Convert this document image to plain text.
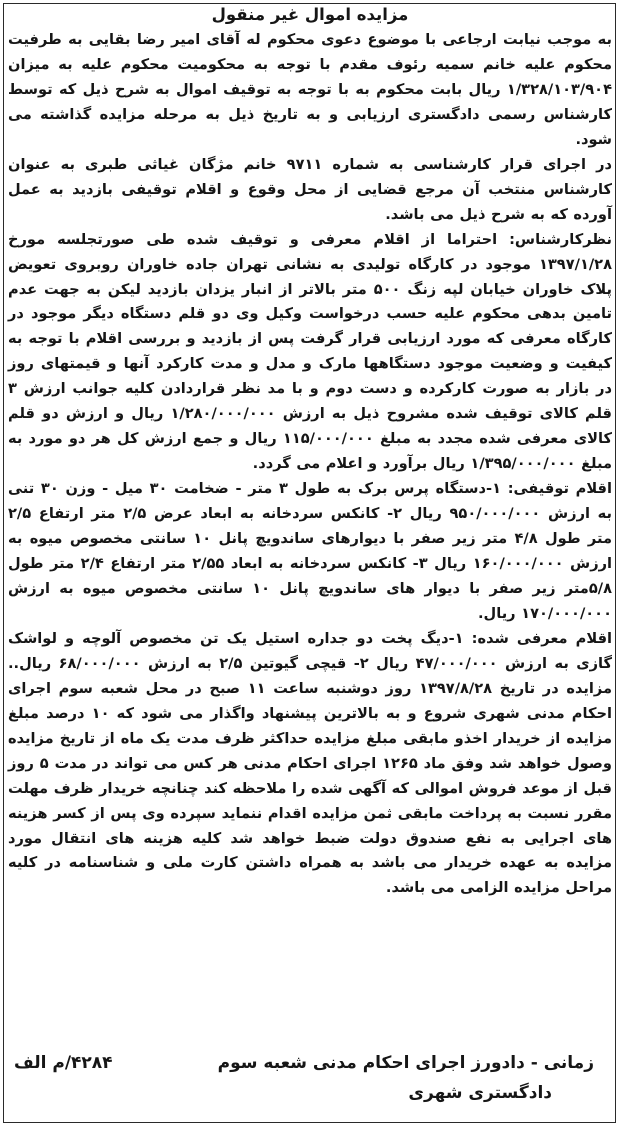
مزایده اموال غیر منقول

به موجب نیابت ارجاعی با موضوع دعوی محکوم له آقای امیر رضا بقایی به طرفیت محکوم علیه خانم سمیه رئوف مقدم با توجه به محکومیت محکوم علیه به میزان ۱/۳۲۸/۱۰۳/۹۰۴ ریال بابت محکوم به با توجه به توقیف اموال به شرح ذیل که توسط کارشناس رسمی دادگستری ارزیابی و به تاریخ ذیل به مرحله مزایده گذاشته می شود.

در اجرای قرار کارشناسی به شماره ۹۷۱۱ خانم مژگان غیاثی طبری به عنوان کارشناس منتخب آن مرجع قضایی از محل وقوع و اقلام توقیفی بازدید به عمل آورده که به شرح ذیل می باشد.

نظرکارشناس: احتراما از اقلام معرفی و توقیف شده طی صورتجلسه مورخ ۱۳۹۷/۱/۲۸ موجود در کارگاه تولیدی به نشانی تهران جاده خاوران روبروی تعویض پلاک خاوران خیابان لپه زنگ ۵۰۰ متر بالاتر از انبار یزدان بازدید لیکن به جهت عدم تامین بدهی محکوم علیه حسب درخواست وکیل وی دو قلم دستگاه دیگر موجود در کارگاه معرفی که مورد ارزیابی قرار گرفت پس از بازدید و بررسی اقلام با توجه به کیفیت و وضعیت موجود دستگاهها مارک و مدل و مدت کارکرد آنها و قیمتهای روز در بازار به صورت کارکرده و دست دوم و با مد نظر قراردادن کلیه جوانب ارزش ۳ قلم کالای توقیف شده مشروح ذیل به ارزش ۱/۲۸۰/۰۰۰/۰۰۰ ریال و ارزش دو قلم کالای معرفی شده مجدد به مبلغ ۱۱۵/۰۰۰/۰۰۰ ریال و جمع ارزش کل هر دو مورد به مبلغ ۱/۳۹۵/۰۰۰/۰۰۰ ریال برآورد و اعلام می گردد.

اقلام توقیفی: ۱-دستگاه پرس برک به طول ۳ متر - ضخامت ۳۰ میل - وزن ۳۰ تنی به ارزش ۹۵۰/۰۰۰/۰۰۰ ریال ۲- کانکس سردخانه به ابعاد عرض ۲/۵ متر ارتفاع ۲/۵ متر طول ۴/۸ متر زیر صفر با دیوارهای ساندویچ پانل ۱۰ سانتی مخصوص میوه به ارزش ۱۶۰/۰۰۰/۰۰۰ ریال ۳- کانکس سردخانه به ابعاد ۲/۵۵ متر ارتفاع ۲/۴ متر طول ۵/۸متر زیر صفر با دیوار های ساندویچ پانل ۱۰ سانتی مخصوص میوه به ارزش ۱۷۰/۰۰۰/۰۰۰ ریال.

اقلام معرفی شده: ۱-دیگ پخت دو جداره استیل یک تن مخصوص آلوچه و لواشک گازی به ارزش ۴۷/۰۰۰/۰۰۰ ریال ۲- قیچی گیوتین ۲/۵ به ارزش ۶۸/۰۰۰/۰۰۰ ریال.. مزایده در تاریخ ۱۳۹۷/۸/۲۸ روز دوشنبه ساعت ۱۱ صبح در محل شعبه سوم اجرای احکام مدنی شهری شروع و به بالاترین پیشنهاد واگذار می شود که ۱۰ درصد مبلغ مزایده از خریدار اخذو مابقی مبلغ مزایده حداکثر ظرف مدت یک ماه از تاریخ مزایده وصول خواهد شد وفق ماد ۱۲۶۵ اجرای احکام مدنی هر کس می تواند در مدت ۵ روز قبل از موعد فروش اموالی که آگهی شده را ملاحظه کند چنانچه خریدار ظرف مهلت مقرر نسبت به پرداخت مابقی ثمن مزایده اقدام ننماید سپرده وی پس از کسر هزینه های اجرایی به نفع صندوق دولت ضبط خواهد شد کلیه هزینه های انتقال مورد مزایده به عهده خریدار می باشد به همراه داشتن کارت ملی و شناسنامه در کلیه مراحل مزایده الزامی می باشد.

زمانی - دادورز اجرای احکام مدنی شعبه سوم
دادگستری شهری
۴۲۸۴/م الف
